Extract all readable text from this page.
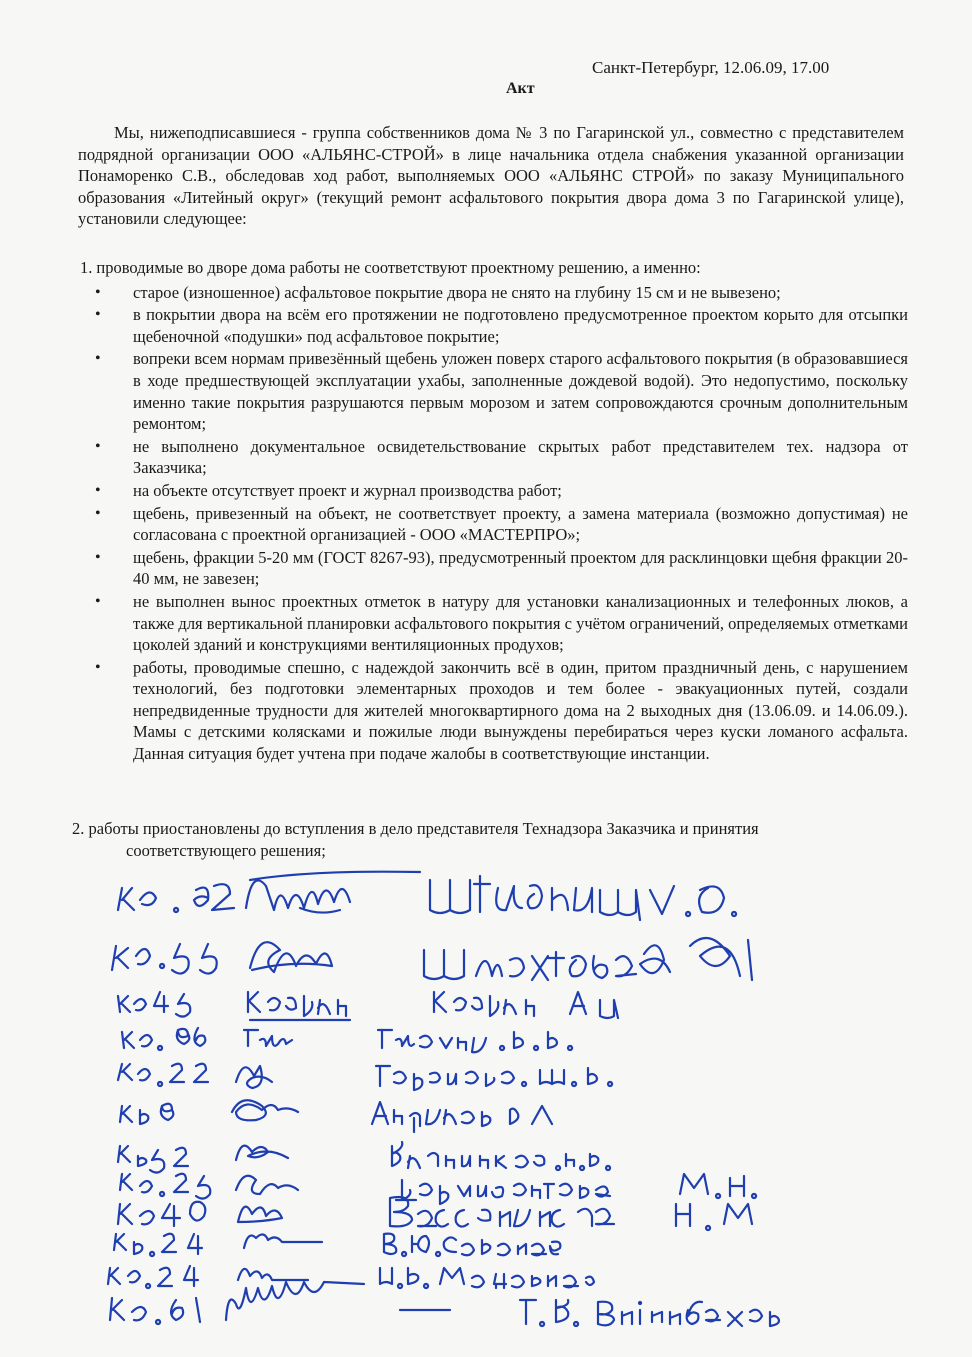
Санкт-Петербург, 12.06.09, 17.00
Акт
Мы, нижеподписавшиеся - группа собственников дома № 3 по Гагаринской ул., совместно с представителем подрядной организации ООО «АЛЬЯНС-СТРОЙ» в лице начальника отдела снабжения указанной организации Понаморенко С.В., обследовав ход работ, выполняемых ООО «АЛЬЯНС СТРОЙ» по заказу Муниципального образования «Литейный округ» (текущий ремонт асфальтового покрытия двора дома 3 по Гагаринской улице), установили следующее:
1. проводимые во дворе дома работы не соответствуют проектному решению, а именно:
• старое (изношенное) асфальтовое покрытие двора не снято на глубину 15 см и не вывезено;
• в покрытии двора на всём его протяжении не подготовлено предусмотренное проектом корыто для отсыпки щебеночной «подушки» под асфальтовое покрытие;
• вопреки всем нормам привезённый щебень уложен поверх старого асфальтового покрытия (в образовавшиеся в ходе предшествующей эксплуатации ухабы, заполненные дождевой водой). Это недопустимо, поскольку именно такие покрытия разрушаются первым морозом и затем сопровождаются срочным дополнительным ремонтом;
• не выполнено документальное освидетельствование скрытых работ представителем тех. надзора от Заказчика;
• на объекте отсутствует проект и журнал производства работ;
• щебень, привезенный на объект, не соответствует проекту, а замена материала (возможно допустимая) не согласована с проектной организацией - ООО «МАСТЕРПРО»;
• щебень, фракции 5-20 мм (ГОСТ 8267-93), предусмотренный проектом для расклинцовки щебня фракции 20-40 мм, не завезен;
• не выполнен вынос проектных отметок в натуру для установки канализационных и телефонных люков, а также для вертикальной планировки асфальтового покрытия с учётом ограничений, определяемых отметками цоколей зданий и конструкциями вентиляционных продухов;
• работы, проводимые спешно, с надеждой закончить всё в один, притом праздничный день, с нарушением технологий, без подготовки элементарных проходов и тем более - эвакуационных путей, создали непредвиденные трудности для жителей многоквартирного дома на 2 выходных дня (13.06.09. и 14.06.09.). Мамы с детскими колясками и пожилые люди вынуждены перебираться через куски ломаного асфальта. Данная ситуация будет учтена при подаче жалобы в соответствующие инстанции.
2. работы приостановлены до вступления в дело представителя Технадзора Заказчика и принятия
соответствующего решения;
